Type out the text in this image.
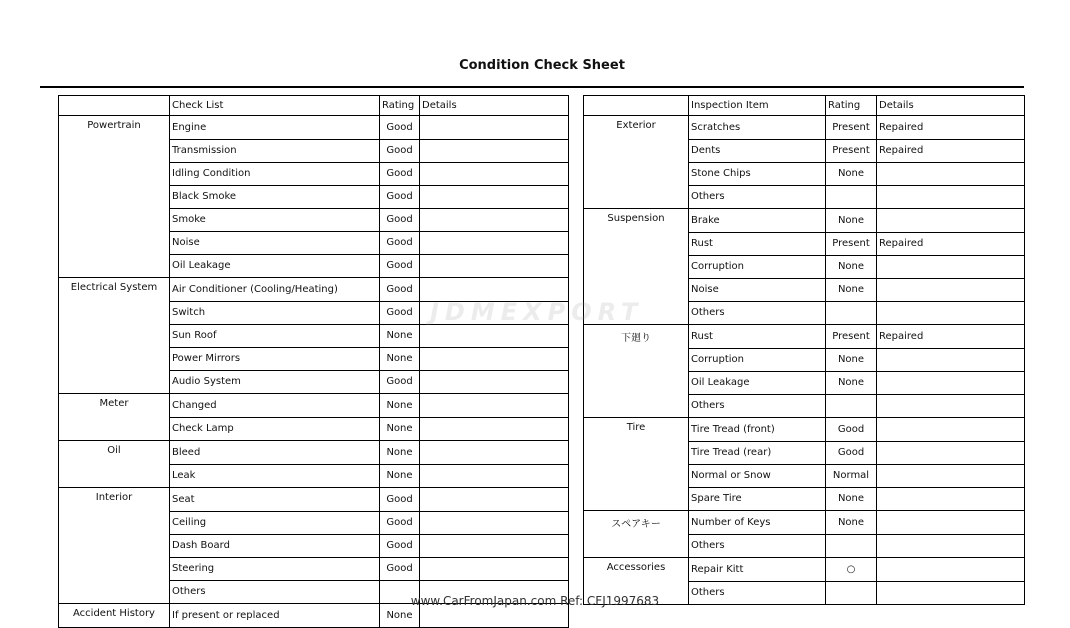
Condition Check Sheet
	Check List	Rating	Details
Powertrain	Engine	Good	
	Transmission	Good	
	Idling Condition	Good	
	Black Smoke	Good	
	Smoke	Good	
	Noise	Good	
	Oil Leakage	Good	
Electrical System	Air Conditioner (Cooling/Heating)	Good	
	Switch	Good	
	Sun Roof	None	
	Power Mirrors	None	
	Audio System	Good	
Meter	Changed	None	
	Check Lamp	None	
Oil	Bleed	None	
	Leak	None	
Interior	Seat	Good	
	Ceiling	Good	
	Dash Board	Good	
	Steering	Good	
	Others		
Accident History	If present or replaced	None	
	Inspection Item	Rating	Details
Exterior	Scratches	Present	Repaired
	Dents	Present	Repaired
	Stone Chips	None	
	Others		
Suspension	Brake	None	
	Rust	Present	Repaired
	Corruption	None	
	Noise	None	
	Others		
下廻り	Rust	Present	Repaired
	Corruption	None	
	Oil Leakage	None	
	Others		
Tire	Tire Tread (front)	Good	
	Tire Tread (rear)	Good	
	Normal or Snow	Normal	
	Spare Tire	None	
スペアキー	Number of Keys	None	
	Others		
Accessories	Repair Kitt	○	
	Others		
JDMEXPORT
www.CarFromJapan.com Ref: CFJ1997683
